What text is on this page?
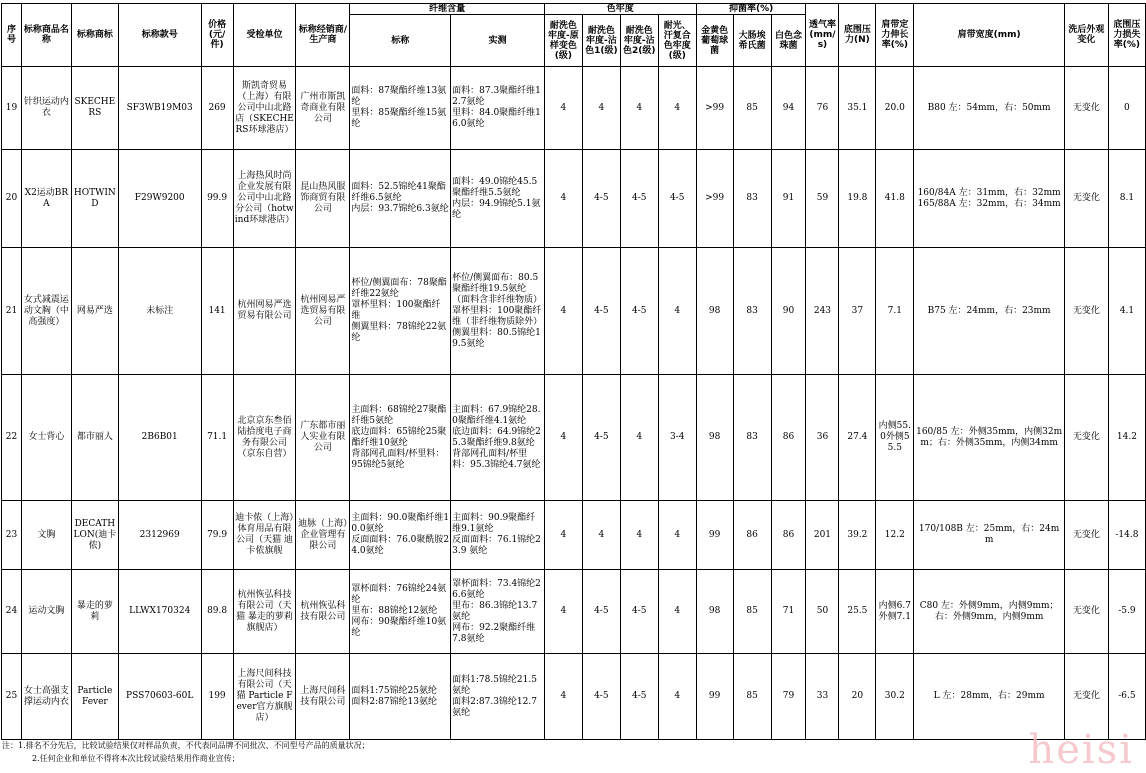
序号	标称商品名称	标称商标	标称款号	价格(元/件)	受检单位	标称经销商/生产商	纤维含量		色牢度				抑菌率(%)			透气率(mm/s)	底围压力(N)	肩带定力伸长率(%)	肩带宽度(mm)	洗后外观变化	底围压力损失率(%)
							标称	实测	耐洗色牢度-原样变色(级)	耐洗色牢度-沾色1(级)	耐洗色牢度-沾色2(级)	耐光、汗复合色牢度(级)	金黄色葡萄球菌	大肠埃希氏菌	白色念珠菌						
19	针织运动内衣	SKECHERS	SF3WB19M03	269	斯凯奇贸易（上海）有限公司中山北路店（SKECHERS环球港店）	广州市斯凯奇商业有限公司	面料：87聚酯纤维13氨纶
里料：85聚酯纤维15氨纶	面料：87.3聚酯纤维12.7氨纶
里料：84.0聚酯纤维16.0氨纶	4	4	4	4	>99	85	94	76	35.1	20.0	B80 左：54mm，右：50mm	无变化	0
20	X2运动BRA	HOTWIND	F29W9200	99.9	上海热风时尚企业发展有限公司中山北路分公司（hotwind环球港店）	昆山热风服饰商贸有限公司	面料：52.5锦纶41聚酯纤维6.5氨纶
内层：93.7锦纶6.3氨纶	面料：49.0锦纶45.5聚酯纤维5.5氨纶
内层：94.9锦纶5.1氨纶	4	4-5	4-5	4-5	>99	83	91	59	19.8	41.8	160/84A 左：31mm，右：32mm
165/88A 左：32mm，右：34mm	无变化	8.1
21	女式减震运动文胸（中高强度）	网易严选	未标注	141	杭州网易严选贸易有限公司	杭州网易严选贸易有限公司	杯位/侧翼面布：78聚酯纤维22氨纶
罩杯里料：100聚酯纤维
侧翼里料：78锦纶22氨纶	杯位/侧翼面布：80.5聚酯纤维19.5氨纶（面料含非纤维物质）
罩杯里料：100聚酯纤维（非纤维物质除外）
侧翼里料：80.5锦纶19.5氨纶	4	4-5	4-5	4	98	83	90	243	37	7.1	B75 左：24mm，右：23mm	无变化	4.1
22	女士背心	都市丽人	2B6B01	71.1	北京京东叁佰陆拾度电子商务有限公司（京东自营）	广东都市丽人实业有限公司	主面料：68锦纶27聚酯纤维5氨纶
底边面料：65锦纶25聚酯纤维10氨纶
背部网孔面料/杯里料：95锦纶5氨纶	主面料：67.9锦纶28.0聚酯纤维4.1氨纶
底边面料：64.9锦纶25.3聚酯纤维9.8氨纶
背部网孔面料/杯里料：95.3锦纶4.7氨纶	4	4-5	4	3-4	98	83	86	36	27.4	内侧55.0外侧55.5	160/85 左：外侧35mm，内侧32mm；右：外侧35mm，内侧34mm	无变化	14.2
23	文胸	DECATHLON(迪卡侬)	2312969	79.9	迪卡侬（上海）体育用品有限公司（天猫 迪卡侬旗舰	迪脉（上海）企业管理有限公司	主面料：90.0聚酯纤维10.0氨纶
反面面料：76.0聚酰胺24.0氨纶	主面料：90.9聚酯纤维9.1氨纶
反面面料：76.1锦纶23.9 氨纶	4	4	4	4	99	86	86	201	39.2	12.2	170/108B 左：25mm，右：24mm	无变化	-14.8
24	运动文胸	暴走的萝莉	LLWX170324	89.8	杭州恢弘科技有限公司（天猫 暴走的萝莉旗舰店）	杭州恢弘科技有限公司	罩杯面料：76锦纶24氨纶
里布：88锦纶12氨纶
网布：90聚酯纤维10氨纶	罩杯面料：73.4锦纶26.6氨纶
里布：86.3锦纶13.7氨纶
网布：92.2聚酯纤维7.8氨纶	4	4-5	4-5	4	98	85	71	50	25.5	内侧6.7外侧7.1	C80 左：外侧9mm，内侧9mm；右：外侧9mm，内侧9mm	无变化	-5.9
25	女士高强支撑运动内衣	Particle Fever	PSS70603-60L	199	上海尺间科技有限公司（天猫 Particle Fever官方旗舰店）	上海尺间科技有限公司	面料1:75锦纶25氨纶
面料2:87锦纶13氨纶	面料1:78.5锦纶21.5氨纶
面料2:87.3锦纶12.7氨纶	4	4-5	4-5	4	99	85	79	33	20	30.2	L 左：28mm，右：29mm	无变化	-6.5
注：1.排名不分先后，比较试验结果仅对样品负责，不代表同品牌不同批次、不同型号产品的质量状况；
2.任何企业和单位不得将本次比较试验结果用作商业宣传；	heisi
